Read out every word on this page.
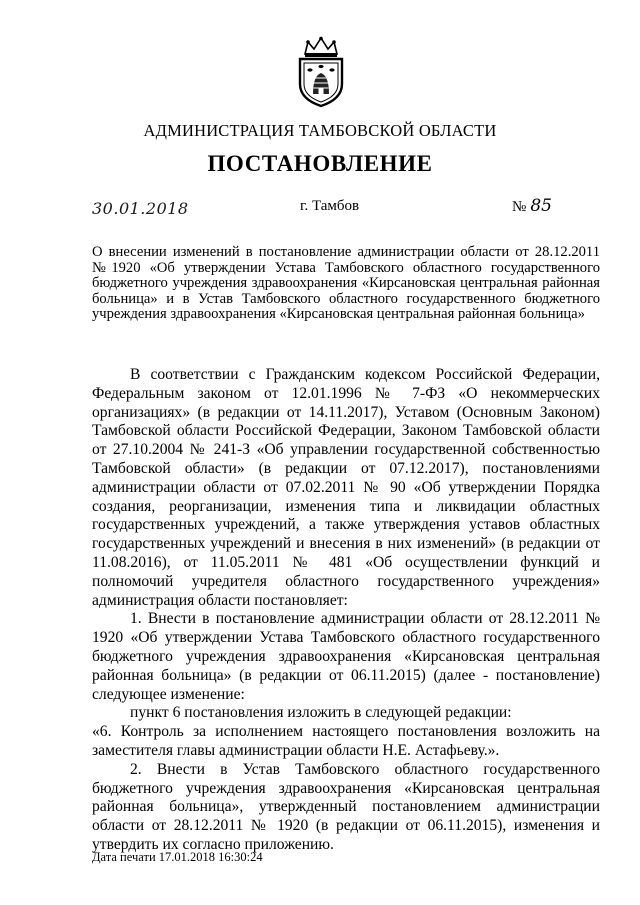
АДМИНИСТРАЦИЯ ТАМБОВСКОЙ ОБЛАСТИ
ПОСТАНОВЛЕНИЕ
30.01.2018	г. Тамбов	№ 85
О внесении изменений в постановление администрации области от 28.12.2011 №1920 «Об утверждении Устава Тамбовского областного государственного бюджетного учреждения здравоохранения «Кирсановская центральная районная больница» и в Устав Тамбовского областного государственного бюджетного учреждения здравоохранения «Кирсановская центральная районная больница»

В соответствии с Гражданским кодексом Российской Федерации, Федеральным законом от 12.01.1996 № 7-ФЗ «О некоммерческих организациях» (в редакции от 14.11.2017), Уставом (Основным Законом) Тамбовской области Российской Федерации, Законом Тамбовской области от 27.10.2004 № 241-З «Об управлении государственной собственностью Тамбовской области» (в редакции от 07.12.2017), постановлениями администрации области от 07.02.2011 № 90 «Об утверждении Порядка создания, реорганизации, изменения типа и ликвидации областных государственных учреждений, а также утверждения уставов областных государственных учреждений и внесения в них изменений» (в редакции от 11.08.2016), от 11.05.2011 № 481 «Об осуществлении функций и полномочий учредителя областного государственного учреждения» администрация области постановляет:

1. Внести в постановление администрации области от 28.12.2011 № 1920 «Об утверждении Устава Тамбовского областного государственного бюджетного учреждения здравоохранения «Кирсановская центральная районная больница» (в редакции от 06.11.2015) (далее - постановление) следующее изменение:

пункт 6 постановления изложить в следующей редакции:

«6. Контроль за исполнением настоящего постановления возложить на заместителя главы администрации области Н.Е. Астафьеву.».

2. Внести в Устав Тамбовского областного государственного бюджетного учреждения здравоохранения «Кирсановская центральная районная больница», утвержденный постановлением администрации области от 28.12.2011 № 1920 (в редакции от 06.11.2015), изменения и утвердить их согласно приложению.

Дата печати 17.01.2018 16:30:24
